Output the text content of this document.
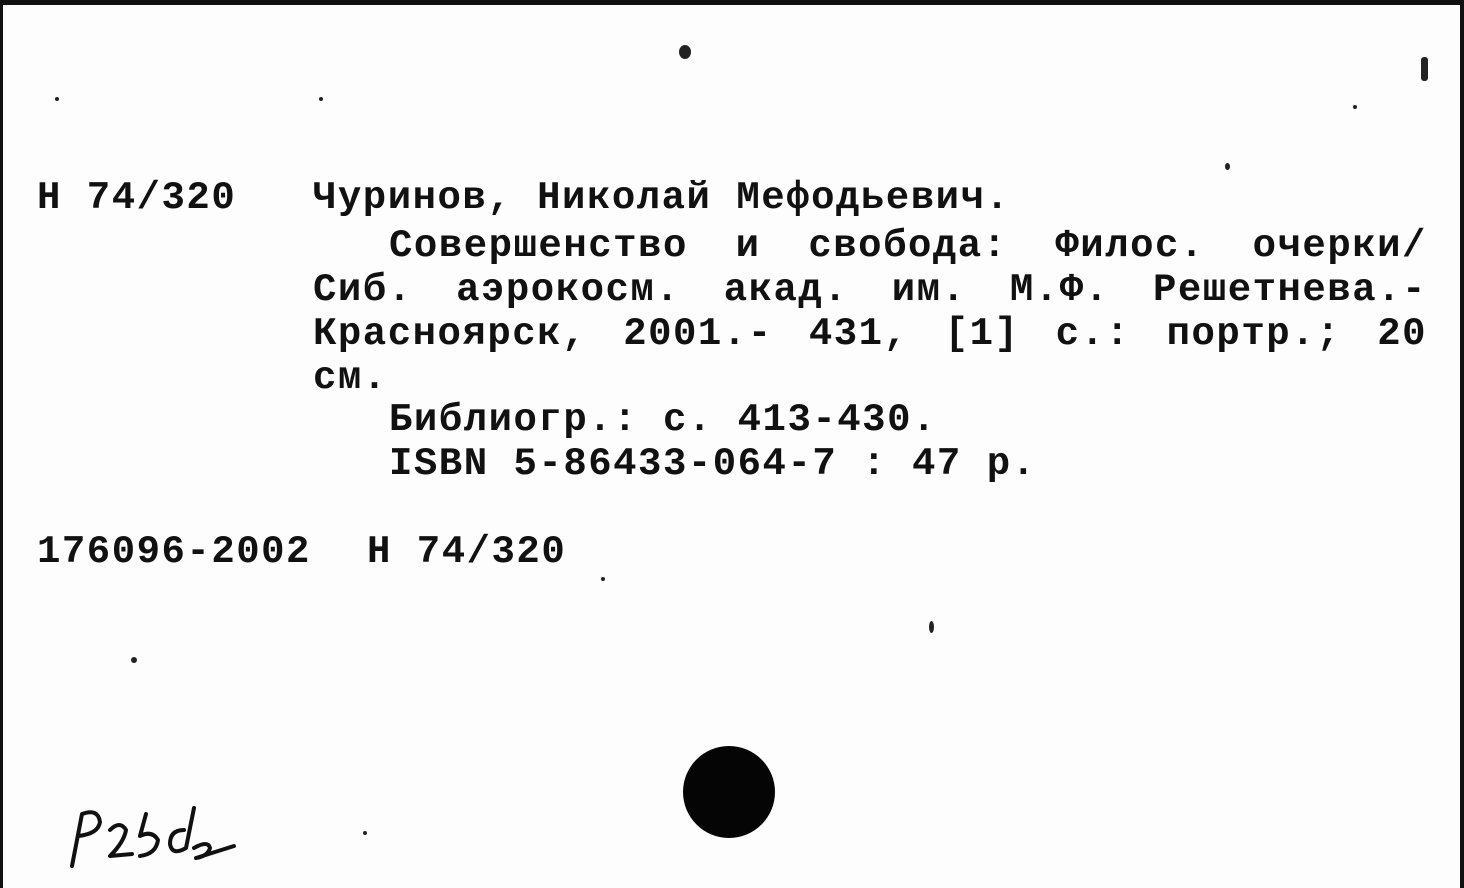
Н 74/320 Чуринов, Николай Мефодьевич.
Совершенство и свобода: Филос. очерки/
Сиб. аэрокосм. акад. им. М.Ф. Решетнева.-
Красноярск, 2001.- 431, [1] с.: портр.; 20
см.
Библиогр.: с. 413-430.
ISBN 5-86433-064-7 : 47 р.
176096-2002 Н 74/320
